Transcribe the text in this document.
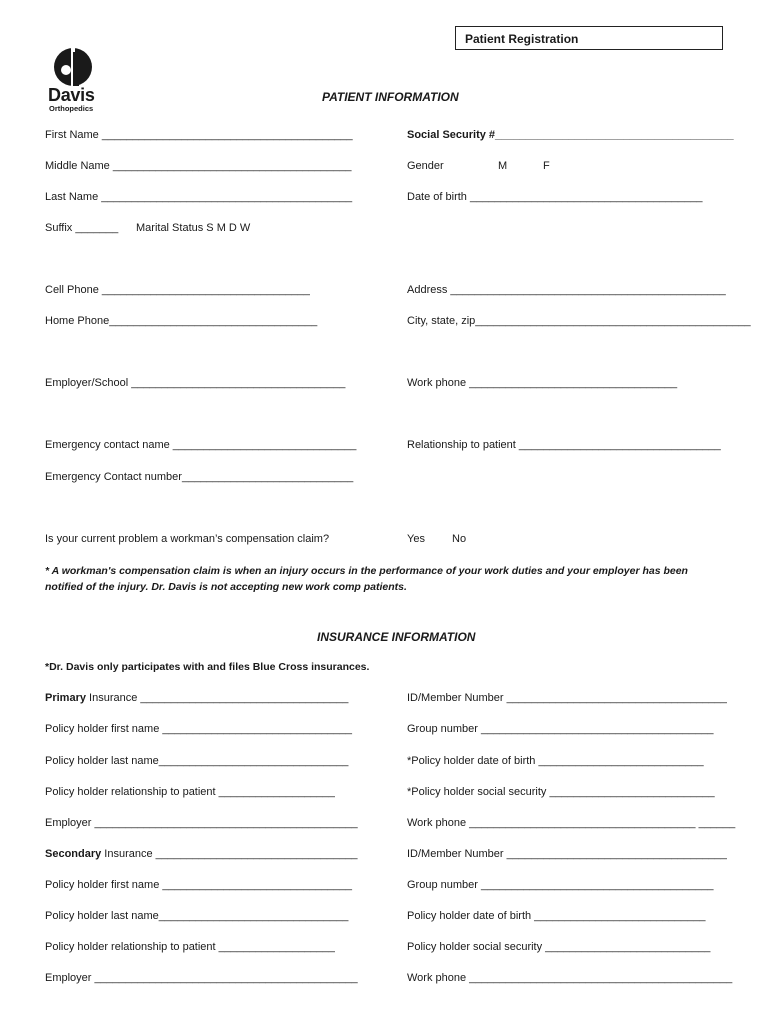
Patient Registration
Davis
Orthopedics
PATIENT INFORMATION
First Name _________________________________________	Social Security #_______________________________________
Middle Name _______________________________________	Gender	M	F
Last Name _________________________________________	Date of birth ______________________________________
Suffix _______ Marital Status S M D W
Cell Phone __________________________________	Address _____________________________________________
Home Phone__________________________________	City, state, zip_____________________________________________
Employer/School ___________________________________	Work phone __________________________________
Emergency contact name ______________________________	Relationship to patient _________________________________
Emergency Contact number____________________________
Is your current problem a workman’s compensation claim?	Yes No
* A workman's compensation claim is when an injury occurs in the performance of your work duties and your employer has been notified of the injury. Dr. Davis is not accepting new work comp patients.
INSURANCE INFORMATION
*Dr. Davis only participates with and files Blue Cross insurances.
Primary Insurance __________________________________	ID/Member Number ____________________________________
Policy holder first name _______________________________	Group number ______________________________________
Policy holder last name_______________________________	*Policy holder date of birth ___________________________
Policy holder relationship to patient ___________________	*Policy holder social security ___________________________
Employer ___________________________________________	Work phone _____________________________________ ______
Secondary Insurance _________________________________	ID/Member Number ____________________________________
Policy holder first name _______________________________	Group number ______________________________________
Policy holder last name_______________________________	Policy holder date of birth ____________________________
Policy holder relationship to patient ___________________	Policy holder social security ___________________________
Employer ___________________________________________	Work phone ___________________________________________
